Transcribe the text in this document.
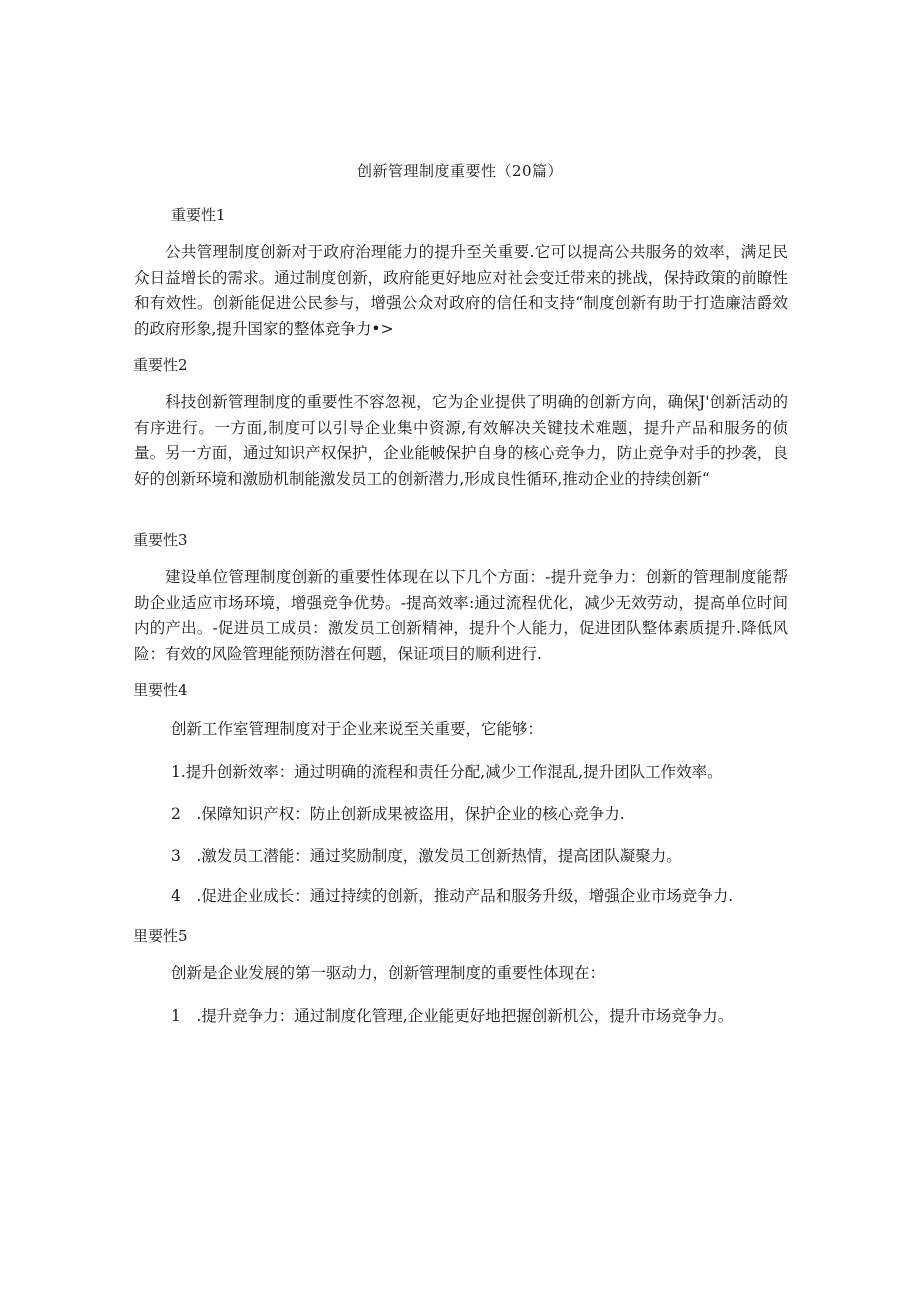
创新管理制度重要性（20篇）
重要性1

公共管理制度创新对于政府治理能力的提升至关重要.它可以提高公共服务的效率，满足民众日益增长的需求。通过制度创新，政府能更好地应对社会变迁带来的挑战，保持政策的前瞭性和有效性。创新能促进公民参与，增强公众对政府的信任和支持“制度创新有助于打造廉洁爵效的政府形象,提升国家的整体竞争力•>

重要性2

科技创新管理制度的重要性不容忽视，它为企业提供了明确的创新方向，确保J'创新活动的有序进行。一方面,制度可以引导企业集中资源,有效解决关键技术难题，提升产品和服务的侦量。另一方面，通过知识产权保护，企业能帔保护自身的核心竞争力，防止竞争对手的抄袭，良好的创新环境和激励机制能激发员工的创新潜力,形成良性循环,推动企业的持续创新“

重要性3

建设单位管理制度创新的重要性体现在以下几个方面：-提升竞争力：创新的管理制度能帮助企业适应市场环境，增强竞争优势。-提高效率:通过流程优化，减少无效劳动，提高单位时间内的产出。-促进员工成员：激发员工创新精神，提升个人能力，促进团队整体素质提升.降低风险：有效的风险管理能预防潜在何题，保证项目的顺利进行.

里要性4

创新工作室管理制度对于企业来说至关重要，它能够：

1.提升创新效率：通过明确的流程和责任分配,减少工作混乱,提升团队工作效率。

2　.保障知识产权：防止创新成果被盗用，保护企业的核心竞争力.

3　.激发员工潜能：通过奖励制度，激发员工创新热情，提高团队凝聚力。

4　.促进企业成长：通过持续的创新，推动产品和服务升级，增强企业市场竞争力.

里要性5

创新是企业发展的第一驱动力，创新管理制度的重要性体现在：

1　.提升竞争力：通过制度化管理,企业能更好地把握创新机公，提升市场竞争力。
